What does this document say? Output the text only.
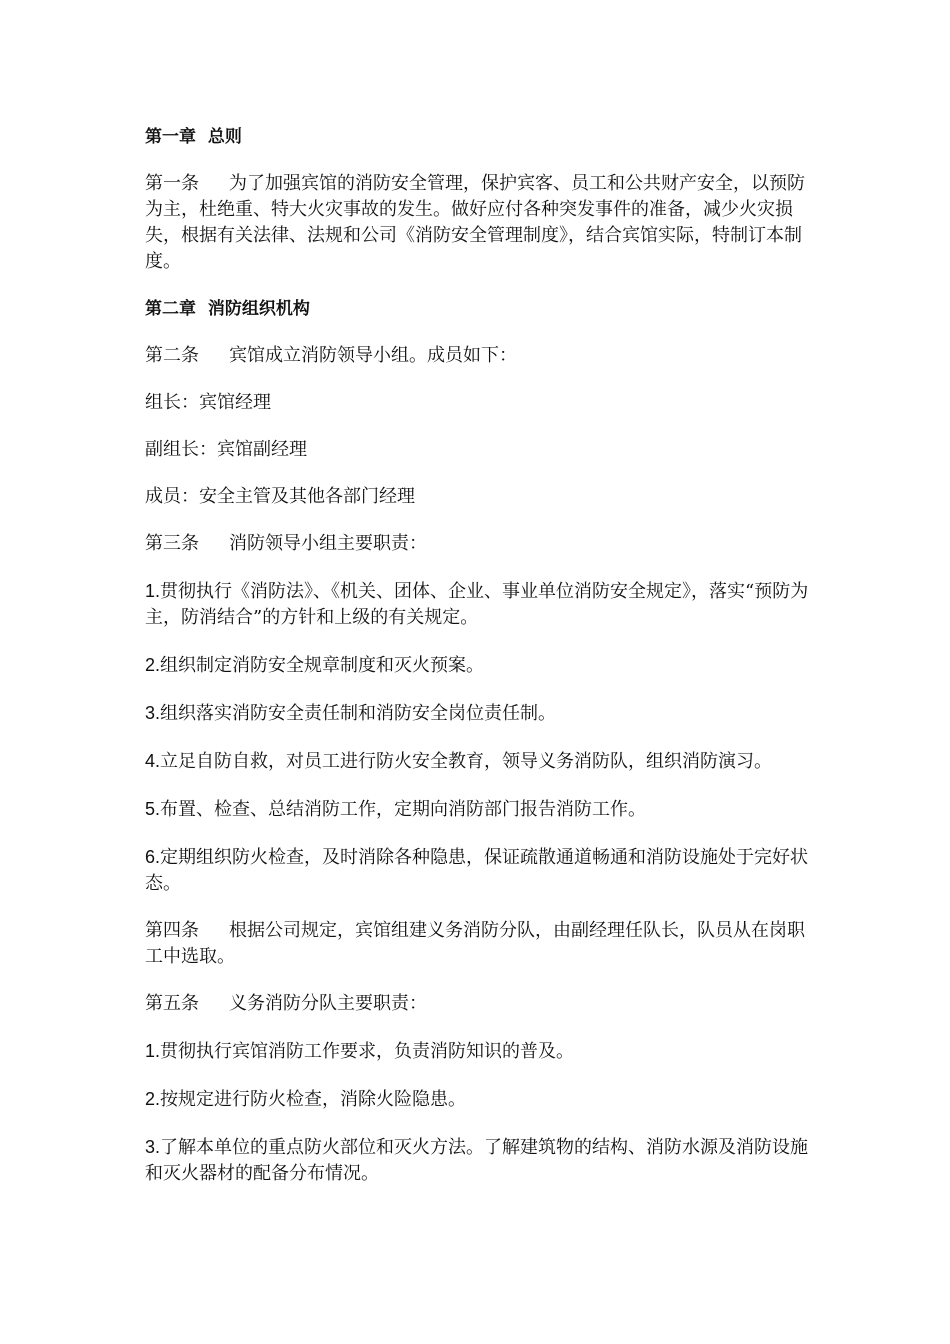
第一章  总则

第一条 为了加强宾馆的消防安全管理，保护宾客、员工和公共财产安全，以预防为主，杜绝重、特大火灾事故的发生。做好应付各种突发事件的准备，减少火灾损失，根据有关法律、法规和公司《消防安全管理制度》，结合宾馆实际，特制订本制度。

第二章  消防组织机构

第二条 宾馆成立消防领导小组。成员如下：

组长：宾馆经理

副组长：宾馆副经理

成员：安全主管及其他各部门经理

第三条 消防领导小组主要职责：

1.贯彻执行《消防法》、《机关、团体、企业、事业单位消防安全规定》，落实“预防为主，防消结合”的方针和上级的有关规定。

2.组织制定消防安全规章制度和灭火预案。

3.组织落实消防安全责任制和消防安全岗位责任制。

4.立足自防自救，对员工进行防火安全教育，领导义务消防队，组织消防演习。

5.布置、检查、总结消防工作，定期向消防部门报告消防工作。

6.定期组织防火检查，及时消除各种隐患，保证疏散通道畅通和消防设施处于完好状态。

第四条 根据公司规定，宾馆组建义务消防分队，由副经理任队长，队员从在岗职工中选取。

第五条 义务消防分队主要职责：

1.贯彻执行宾馆消防工作要求，负责消防知识的普及。

2.按规定进行防火检查，消除火险隐患。

3.了解本单位的重点防火部位和灭火方法。了解建筑物的结构、消防水源及消防设施和灭火器材的配备分布情况。
